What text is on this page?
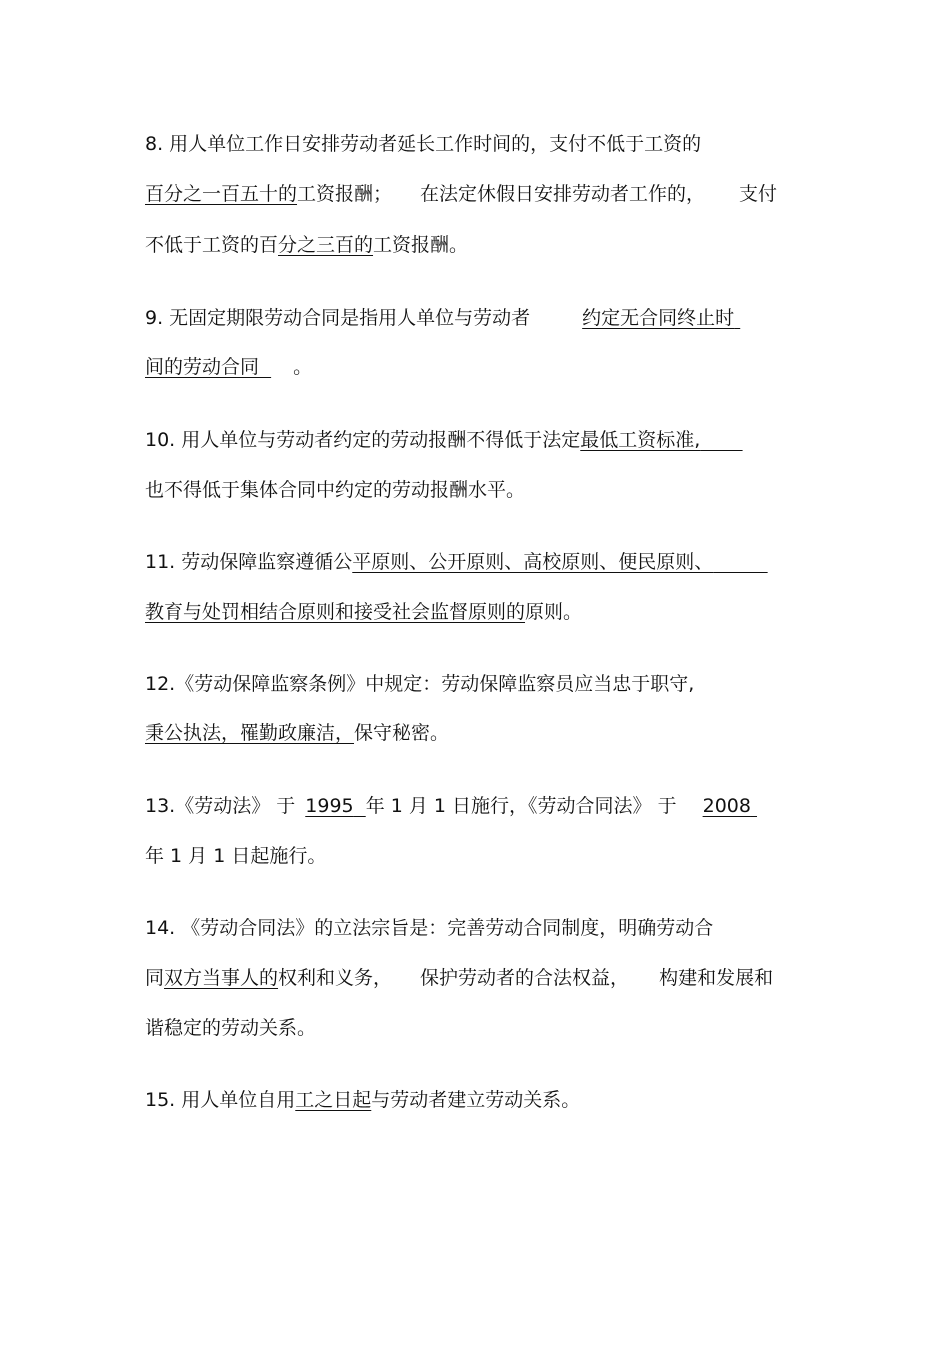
8. 用人单位工作日安排劳动者延长工作时间的，支付不低于工资的
百分之一百五十的工资报酬； 在法定休假日安排劳动者工作的， 支付
不低于工资的百分之三百的工资报酬。
9. 无固定期限劳动合同是指用人单位与劳动者	约定无合同终止时
间的劳动合同 。
10. 用人单位与劳动者约定的劳动报酬不得低于法定最低工资标准,
也不得低于集体合同中约定的劳动报酬水平。
11. 劳动保障监察遵循公平原则、公开原则、高校原则、便民原则、
教育与处罚相结合原则和接受社会监督原则的原则。
12.《劳动保障监察条例》中规定：劳动保障监察员应当忠于职守,
秉公执法，罹勤政廉洁，保守秘密。
13.《劳动法》 于 1995 年 1 月 1 日施行，《劳动合同法》 于 2008
年 1 月 1 日起施行。
14. 《劳动合同法》的立法宗旨是：完善劳动合同制度，明确劳动合
同双方当事人的权利和义务， 保护劳动者的合法权益， 构建和发展和
谐稳定的劳动关系。
15. 用人单位自用工之日起与劳动者建立劳动关系。
